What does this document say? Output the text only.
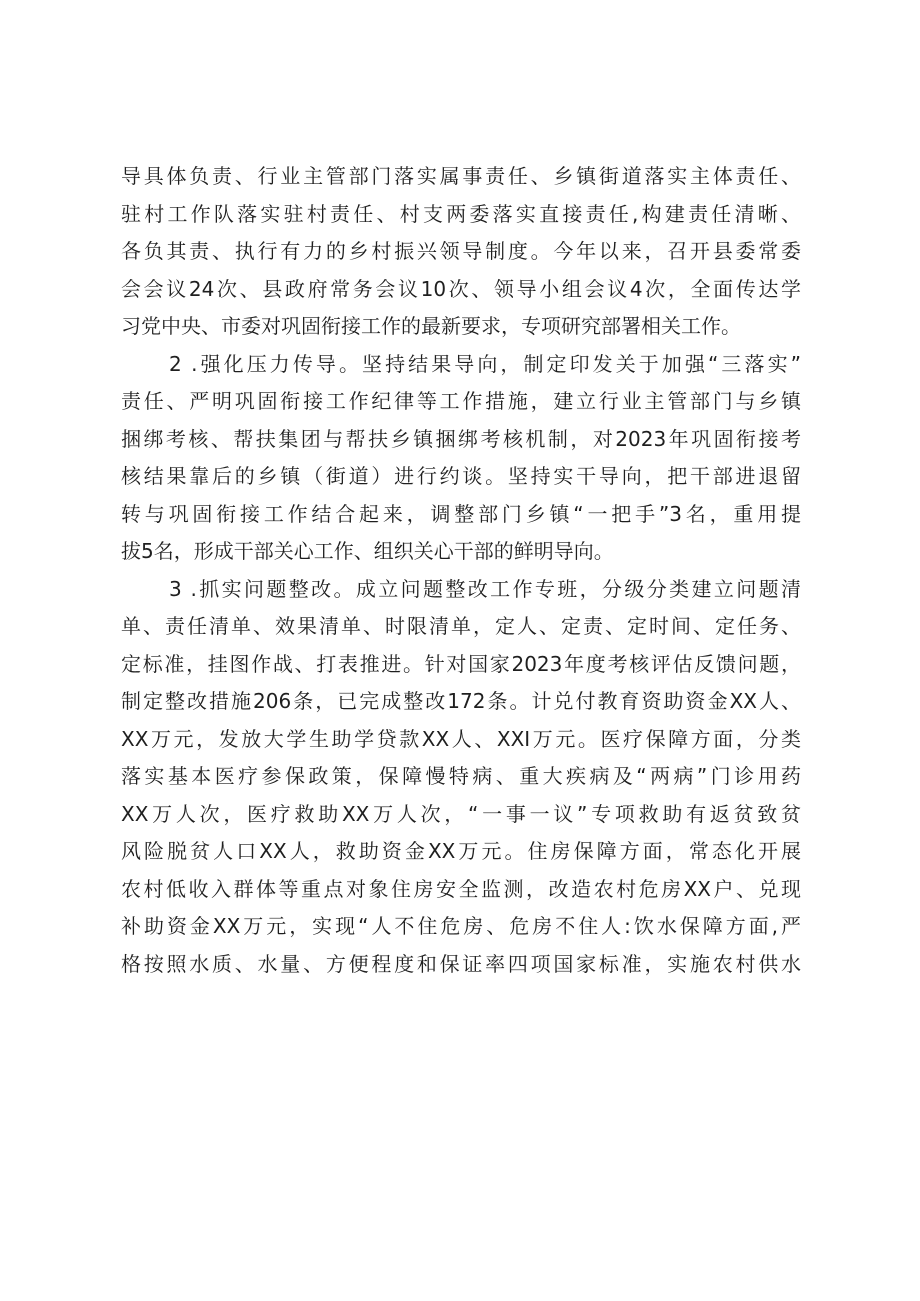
导具体负责、行业主管部门落实属事责任、乡镇街道落实主体责任、
驻村工作队落实驻村责任、村支两委落实直接责任,构建责任清晰、
各负其责、执行有力的乡村振兴领导制度。今年以来，召开县委常委
会会议24次、县政府常务会议10次、领导小组会议4次，全面传达学
习党中央、市委对巩固衔接工作的最新要求，专项研究部署相关工作。
2 .强化压力传导。坚持结果导向，制定印发关于加强“三落实”
责任、严明巩固衔接工作纪律等工作措施，建立行业主管部门与乡镇
捆绑考核、帮扶集团与帮扶乡镇捆绑考核机制，对2023年巩固衔接考
核结果靠后的乡镇（街道）进行约谈。坚持实干导向，把干部进退留
转与巩固衔接工作结合起来，调整部门乡镇“一把手”3名，重用提
拔5名，形成干部关心工作、组织关心干部的鲜明导向。
3 .抓实问题整改。成立问题整改工作专班，分级分类建立问题清
单、责任清单、效果清单、时限清单，定人、定责、定时间、定任务、
定标准，挂图作战、打表推进。针对国家2023年度考核评估反馈问题，
制定整改措施206条，已完成整改172条。计兑付教育资助资金XX人、
XX万元，发放大学生助学贷款XX人、XXI万元。医疗保障方面，分类
落实基本医疗参保政策，保障慢特病、重大疾病及“两病”门诊用药
XX万人次，医疗救助XX万人次，“一事一议”专项救助有返贫致贫
风险脱贫人口XX人，救助资金XX万元。住房保障方面，常态化开展
农村低收入群体等重点对象住房安全监测，改造农村危房XX户、兑现
补助资金XX万元，实现“人不住危房、危房不住人:饮水保障方面,严
格按照水质、水量、方便程度和保证率四项国家标准，实施农村供水
